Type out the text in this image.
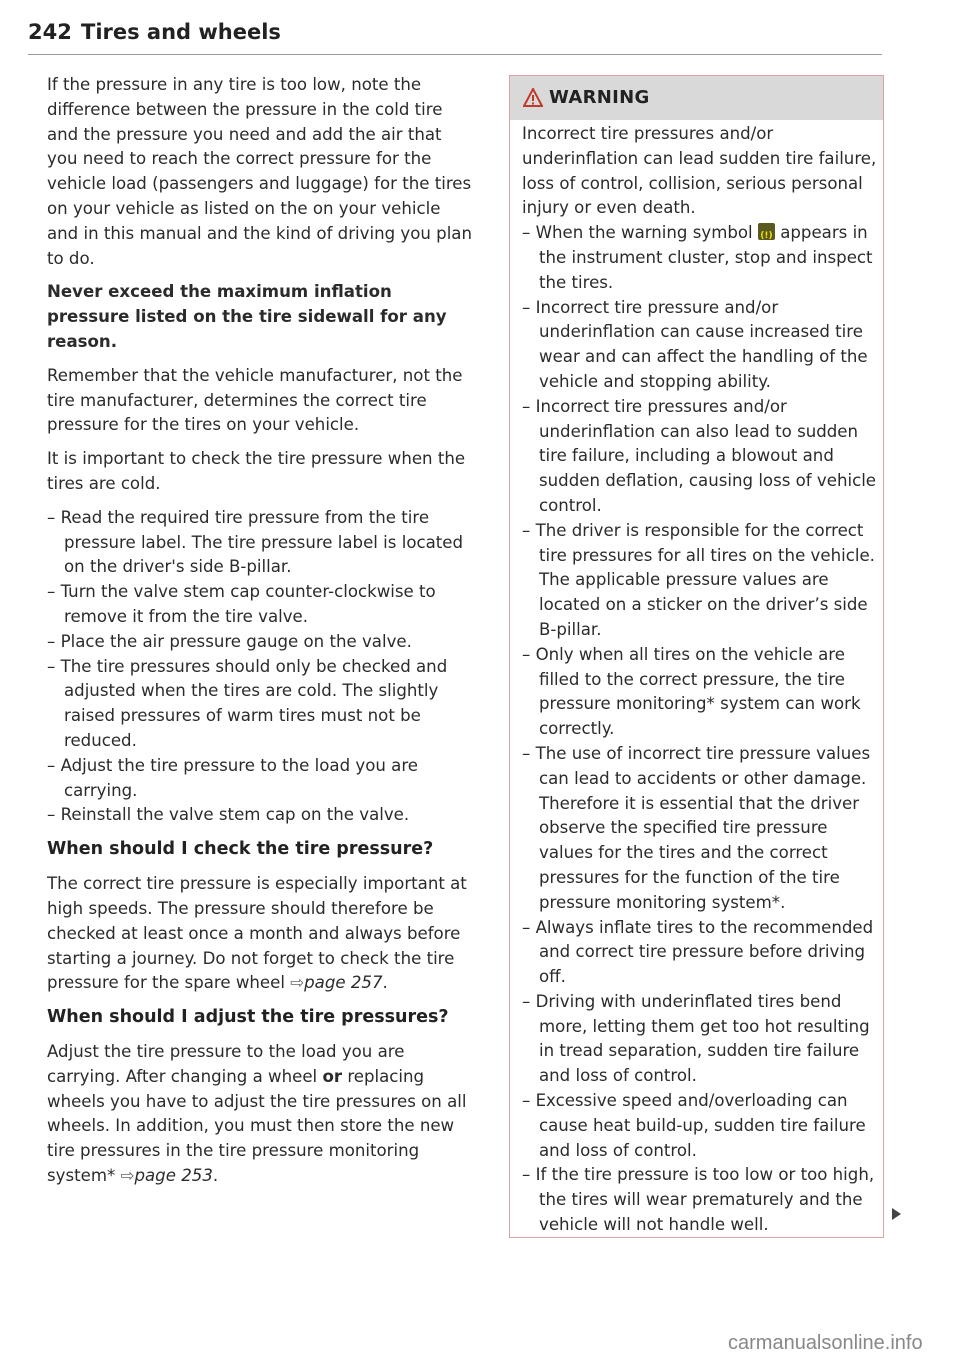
242 Tires and wheels

If the pressure in any tire is too low, note the difference between the pressure in the cold tire and the pressure you need and add the air that you need to reach the correct pressure for the vehicle load (passengers and luggage) for the tires on your vehicle as listed on the on your vehicle and in this manual and the kind of driving you plan to do.

Never exceed the maximum inflation pressure listed on the tire sidewall for any reason.

Remember that the vehicle manufacturer, not the tire manufacturer, determines the correct tire pressure for the tires on your vehicle.

It is important to check the tire pressure when the tires are cold.

– Read the required tire pressure from the tire pressure label. The tire pressure label is located on the driver's side B-pillar.
– Turn the valve stem cap counter-clockwise to remove it from the tire valve.
– Place the air pressure gauge on the valve.
– The tire pressures should only be checked and adjusted when the tires are cold. The slightly raised pressures of warm tires must not be reduced.
– Adjust the tire pressure to the load you are carrying.
– Reinstall the valve stem cap on the valve.
When should I check the tire pressure?

The correct tire pressure is especially important at high speeds. The pressure should therefore be checked at least once a month and always before starting a journey. Do not forget to check the tire pressure for the spare wheel ⇨page 257.

When should I adjust the tire pressures?

Adjust the tire pressure to the load you are carrying. After changing a wheel or replacing wheels you have to adjust the tire pressures on all wheels. In addition, you must then store the new tire pressures in the tire pressure monitoring system* ⇨page 253.

WARNING

Incorrect tire pressures and/or underinflation can lead sudden tire failure, loss of control, collision, serious personal injury or even death.

– When the warning symbol (!) appears in the instrument cluster, stop and inspect the tires.
– Incorrect tire pressure and/or underinflation can cause increased tire wear and can affect the handling of the vehicle and stopping ability.
– Incorrect tire pressures and/or underinflation can also lead to sudden tire failure, including a blowout and sudden deflation, causing loss of vehicle control.
– The driver is responsible for the correct tire pressures for all tires on the vehicle. The applicable pressure values are located on a sticker on the driver’s side B-pillar.
– Only when all tires on the vehicle are filled to the correct pressure, the tire pressure monitoring* system can work correctly.
– The use of incorrect tire pressure values can lead to accidents or other damage. Therefore it is essential that the driver observe the specified tire pressure values for the tires and the correct pressures for the function of the tire pressure monitoring system*.
– Always inflate tires to the recommended and correct tire pressure before driving off.
– Driving with underinflated tires bend more, letting them get too hot resulting in tread separation, sudden tire failure and loss of control.
– Excessive speed and/overloading can cause heat build-up, sudden tire failure and loss of control.
– If the tire pressure is too low or too high, the tires will wear prematurely and the vehicle will not handle well.
carmanualsonline.info
